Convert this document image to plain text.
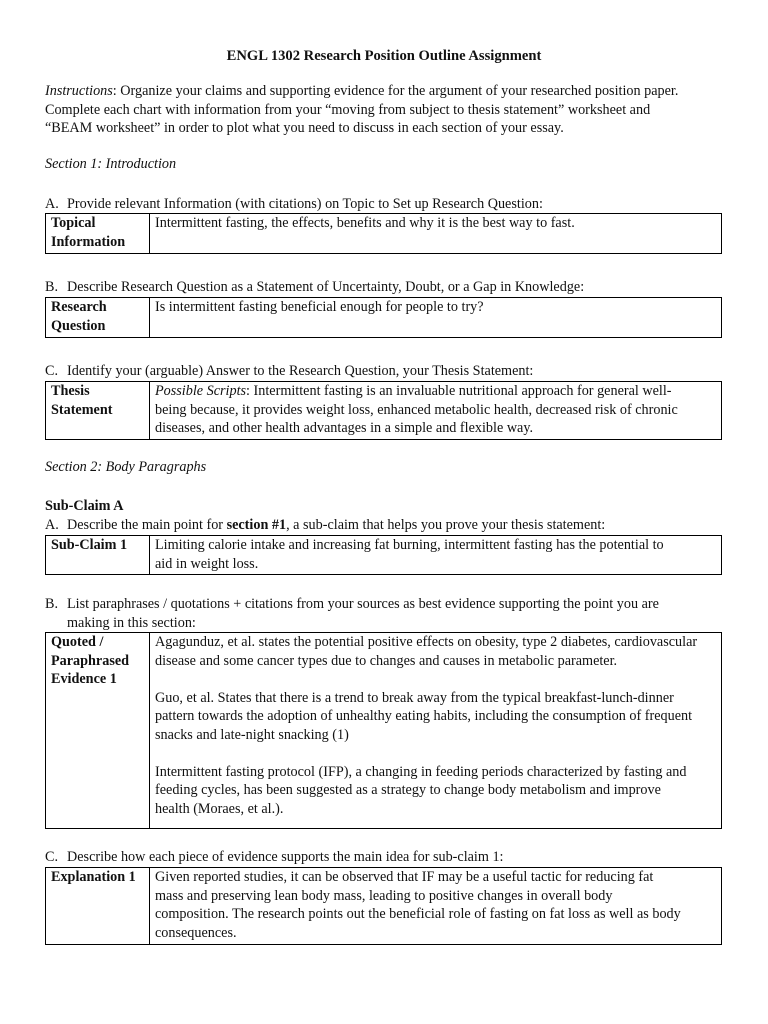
ENGL 1302 Research Position Outline Assignment
Instructions: Organize your claims and supporting evidence for the argument of your researched position paper.
Complete each chart with information from your “moving from subject to thesis statement” worksheet and
“BEAM worksheet” in order to plot what you need to discuss in each section of your essay.
Section 1: Introduction
A. Provide relevant Information (with citations) on Topic to Set up Research Question:
Topical
Information
	Intermittent fasting, the effects, benefits and why it is the best way to fast.
B. Describe Research Question as a Statement of Uncertainty, Doubt, or a Gap in Knowledge:
Research
Question
	Is intermittent fasting beneficial enough for people to try?
C. Identify your (arguable) Answer to the Research Question, your Thesis Statement:
Thesis
Statement

Possible Scripts: Intermittent fasting is an invaluable nutritional approach for general well-
being because, it provides weight loss, enhanced metabolic health, decreased risk of chronic
diseases, and other health advantages in a simple and flexible way.
Section 2: Body Paragraphs
Sub-Claim A
A. Describe the main point for section #1, a sub-claim that helps you prove your thesis statement:
Sub-Claim 1	Limiting calorie intake and increasing fat burning, intermittent fasting has the potential to
aid in weight loss.
B. List paraphrases / quotations + citations from your sources as best evidence supporting the point you are
making in this section:
Quoted /
Paraphrased
Evidence 1

Agagunduz, et al. states the potential positive effects on obesity, type 2 diabetes, cardiovascular
disease and some cancer types due to changes and causes in metabolic parameter.
Guo, et al. States that there is a trend to break away from the typical breakfast-lunch-dinner
pattern towards the adoption of unhealthy eating habits, including the consumption of frequent
snacks and late-night snacking (1)
Intermittent fasting protocol (IFP), a changing in feeding periods characterized by fasting and
feeding cycles, has been suggested as a strategy to change body metabolism and improve
health (Moraes, et al.).
C. Describe how each piece of evidence supports the main idea for sub-claim 1:
Explanation 1	Given reported studies, it can be observed that IF may be a useful tactic for reducing fat
mass and preserving lean body mass, leading to positive changes in overall body
composition. The research points out the beneficial role of fasting on fat loss as well as body
consequences.
